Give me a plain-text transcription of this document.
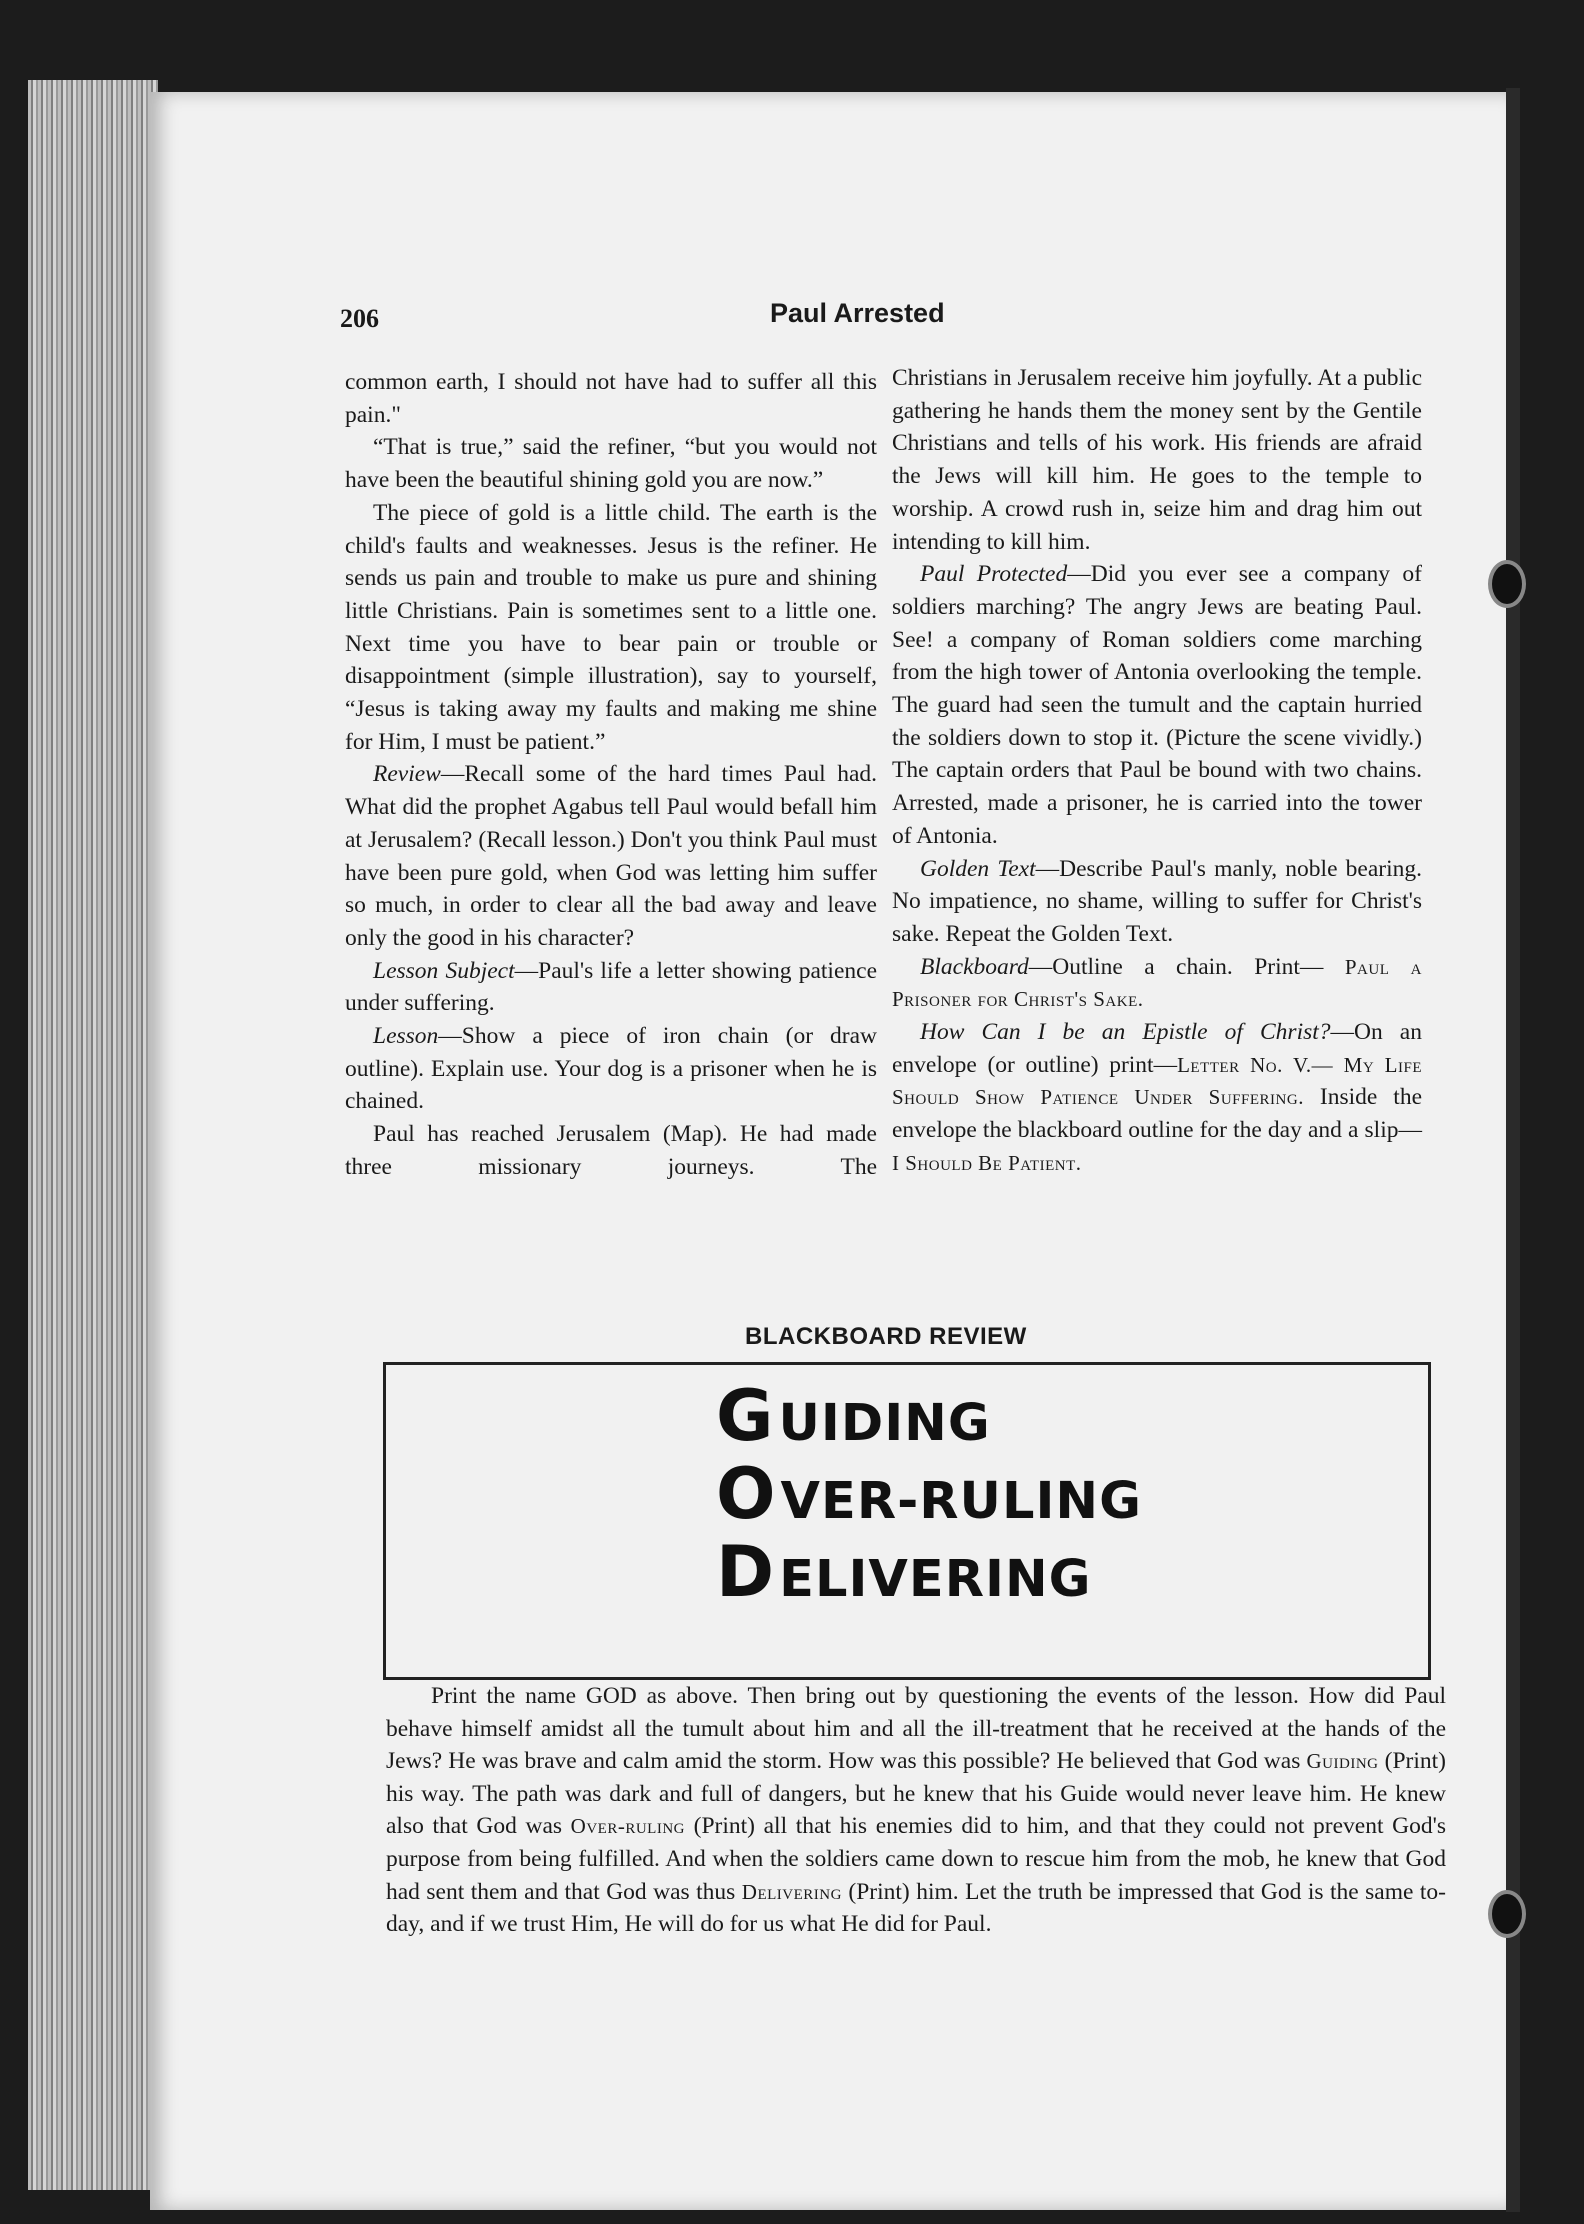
206	Paul Arrested

common earth, I should not have had to suffer all this pain."

“That is true,” said the refiner, “but you would not have been the beautiful shining gold you are now.”

The piece of gold is a little child. The earth is the child's faults and weaknesses. Jesus is the refiner. He sends us pain and trouble to make us pure and shining little Christians. Pain is sometimes sent to a little one. Next time you have to bear pain or trouble or disappointment (simple illustration), say to yourself, “Jesus is taking away my faults and making me shine for Him, I must be patient.”

Review—Recall some of the hard times Paul had. What did the prophet Agabus tell Paul would befall him at Jerusalem? (Recall lesson.) Don't you think Paul must have been pure gold, when God was letting him suffer so much, in order to clear all the bad away and leave only the good in his character?

Lesson Subject—Paul's life a letter showing patience under suffering.

Lesson—Show a piece of iron chain (or draw outline). Explain use. Your dog is a prisoner when he is chained.

Paul has reached Jerusalem (Map). He had made three missionary journeys. The

Christians in Jerusalem receive him joyfully. At a public gathering he hands them the money sent by the Gentile Christians and tells of his work. His friends are afraid the Jews will kill him. He goes to the temple to worship. A crowd rush in, seize him and drag him out intending to kill him.

Paul Protected—Did you ever see a company of soldiers marching? The angry Jews are beating Paul. See! a company of Roman soldiers come marching from the high tower of Antonia overlooking the temple. The guard had seen the tumult and the captain hurried the soldiers down to stop it. (Picture the scene vividly.) The captain orders that Paul be bound with two chains. Arrested, made a prisoner, he is carried into the tower of Antonia.

Golden Text—Describe Paul's manly, noble bearing. No impatience, no shame, willing to suffer for Christ's sake. Repeat the Golden Text.

Blackboard—Outline a chain. Print— Paul a Prisoner for Christ's Sake.

How Can I be an Epistle of Christ?—On an envelope (or outline) print—Letter No. V.— My Life Should Show Patience Under Suffering. Inside the envelope the blackboard outline for the day and a slip— I Should Be Patient.

BLACKBOARD REVIEW
GUIDING
OVER-RULING
DELIVERING

Print the name GOD as above. Then bring out by questioning the events of the lesson. How did Paul behave himself amidst all the tumult about him and all the ill-treatment that he received at the hands of the Jews? He was brave and calm amid the storm. How was this possible? He believed that God was Guiding (Print) his way. The path was dark and full of dangers, but he knew that his Guide would never leave him. He knew also that God was Over-ruling (Print) all that his enemies did to him, and that they could not prevent God's purpose from being fulfilled. And when the soldiers came down to rescue him from the mob, he knew that God had sent them and that God was thus Delivering (Print) him. Let the truth be impressed that God is the same to-day, and if we trust Him, He will do for us what He did for Paul.
